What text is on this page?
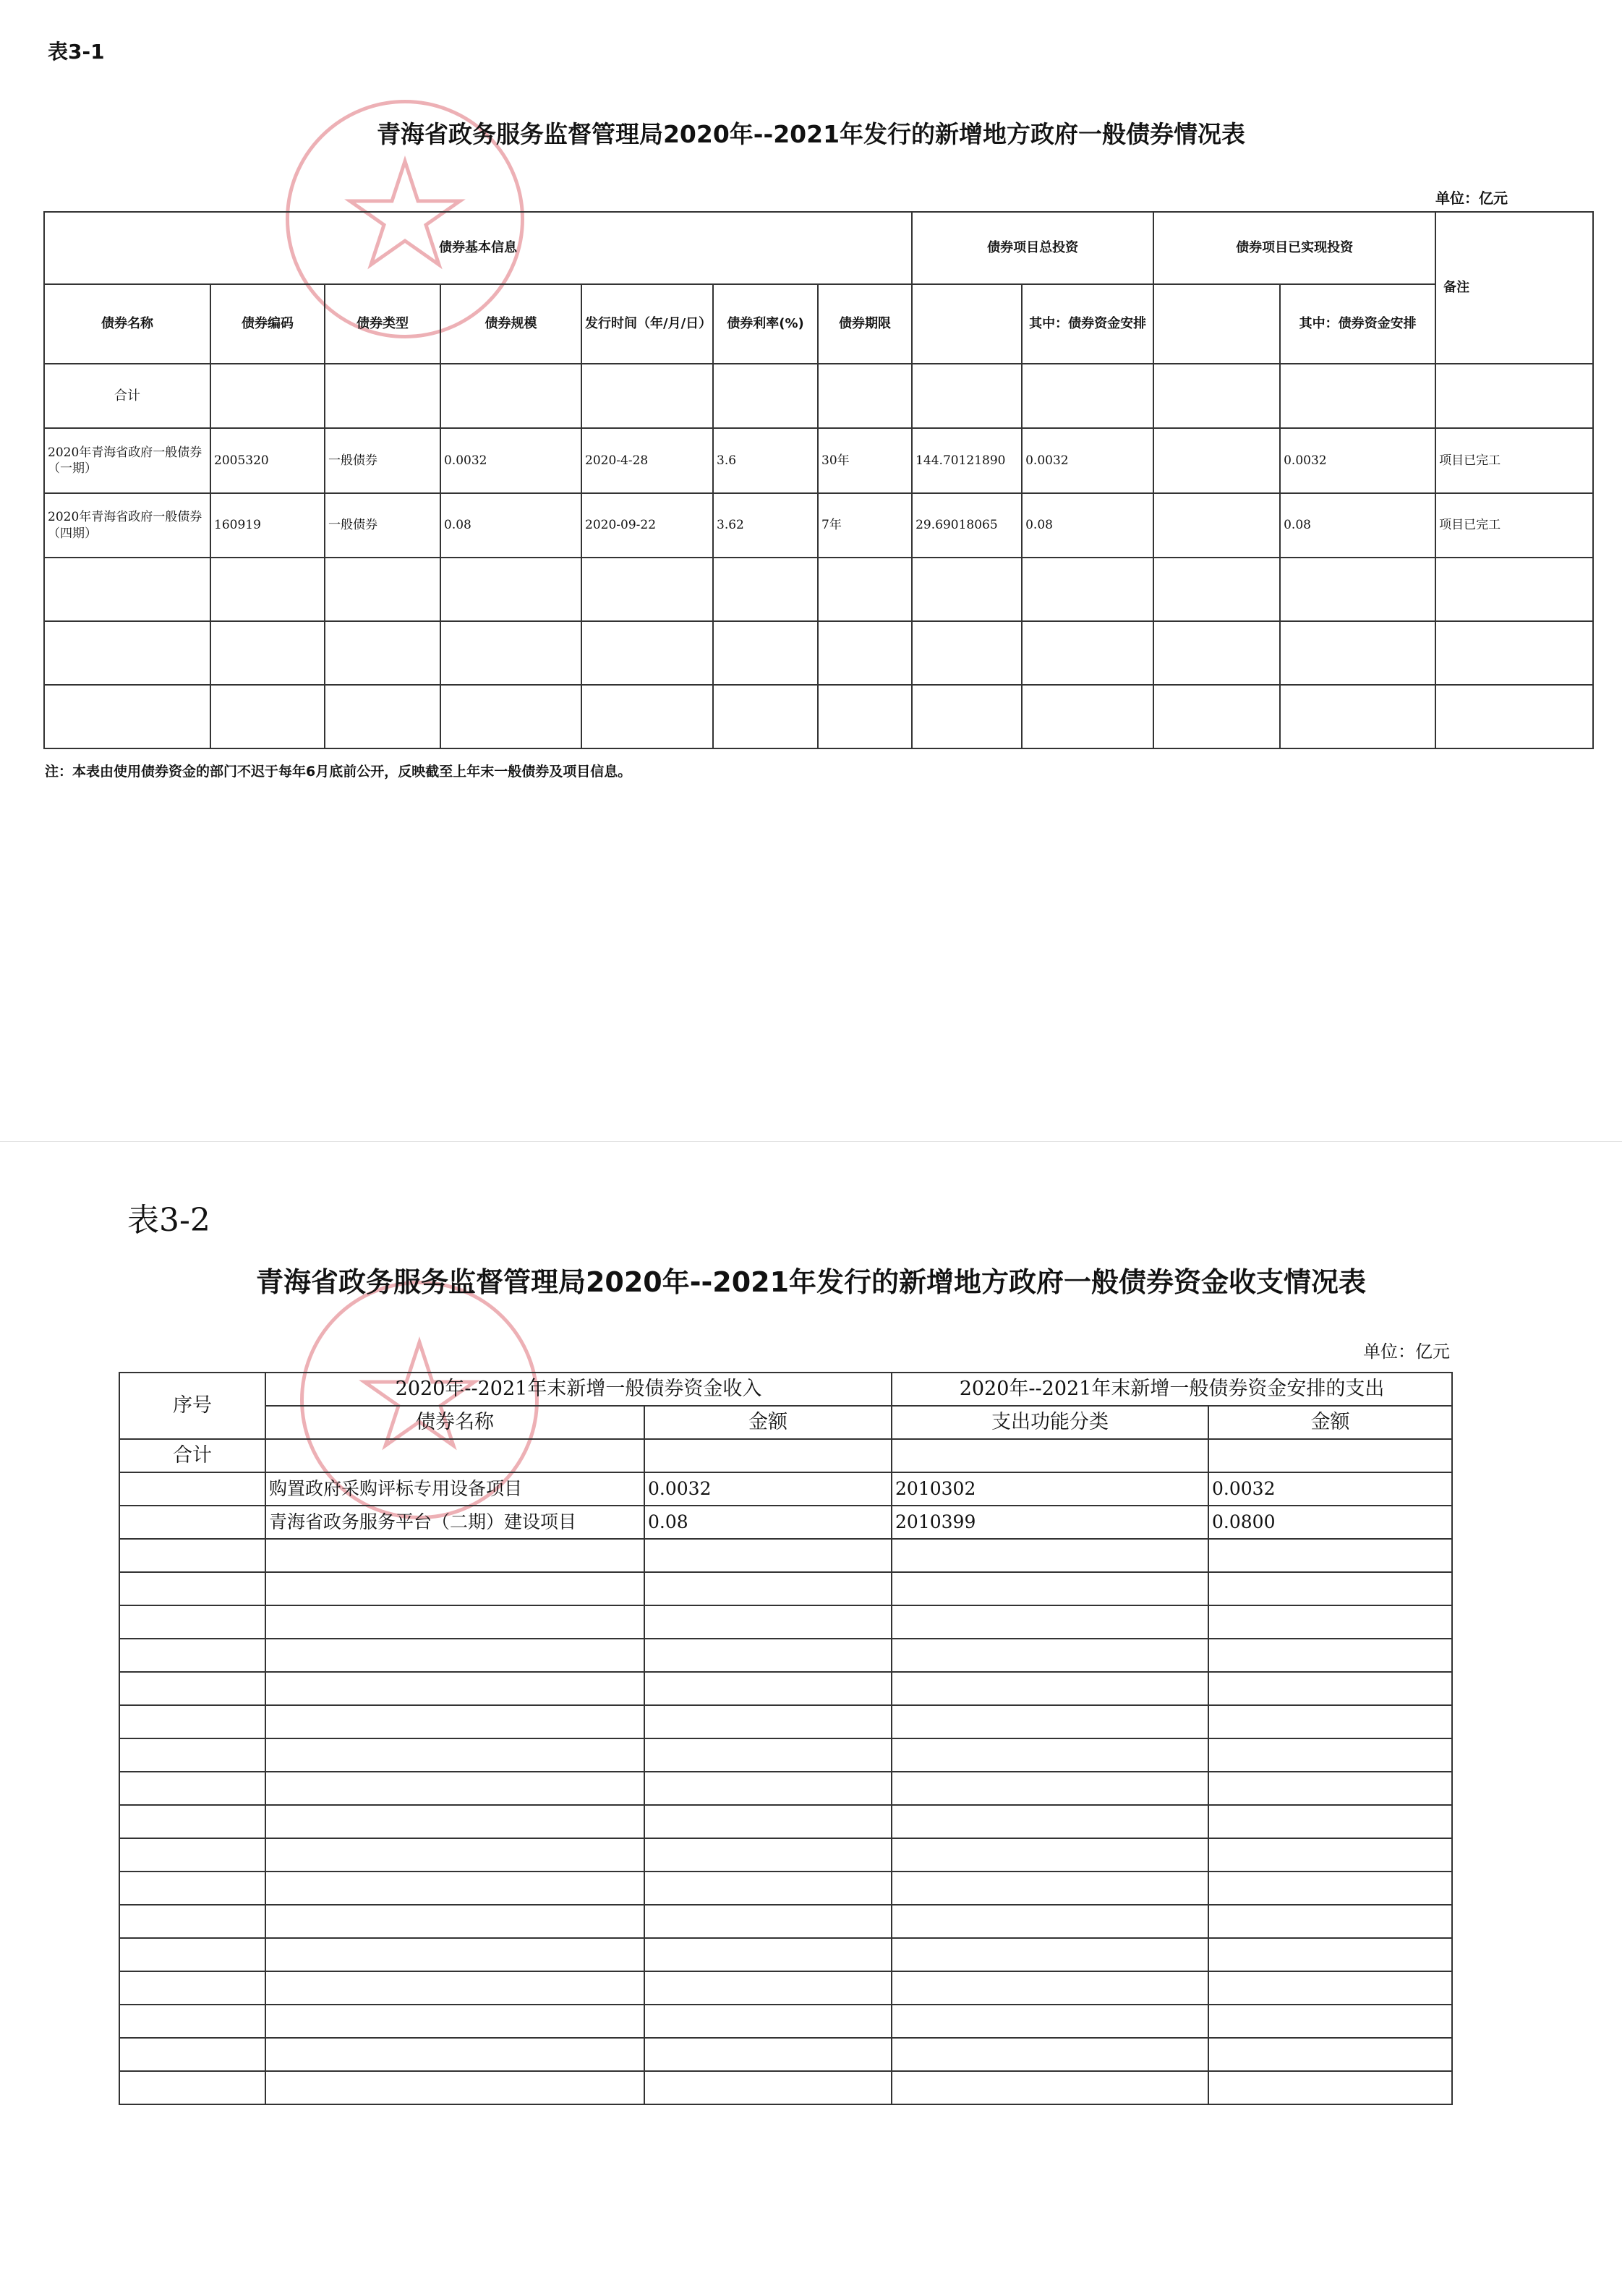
表3-1
青海省政务服务监督管理局2020年--2021年发行的新增地方政府一般债券情况表
单位：亿元
债券基本信息							债券项目总投资		债券项目已实现投资		备注
债券名称	债券编码	债券类型	债券规模	发行时间（年/月/日）	债券利率(%)	债券期限		其中：债券资金安排		其中：债券资金安排	
合计											
2020年青海省政府一般债券（一期）	2005320	一般债券	0.0032	2020-4-28	3.6	30年	144.70121890	0.0032		0.0032	项目已完工
2020年青海省政府一般债券（四期）	160919	一般债券	0.08	2020-09-22	3.62	7年	29.69018065	0.08		0.08	项目已完工

注：本表由使用债券资金的部门不迟于每年6月底前公开，反映截至上年末一般债券及项目信息。
表3-2
青海省政务服务监督管理局2020年--2021年发行的新增地方政府一般债券资金收支情况表
单位：亿元
序号	2020年--2021年末新增一般债券资金收入		2020年--2021年末新增一般债券资金安排的支出	
	债券名称	金额	支出功能分类	金额
合计				
	购置政府采购评标专用设备项目	0.0032	2010302	0.0032
	青海省政务服务平台（二期）建设项目	0.08	2010399	0.0800
